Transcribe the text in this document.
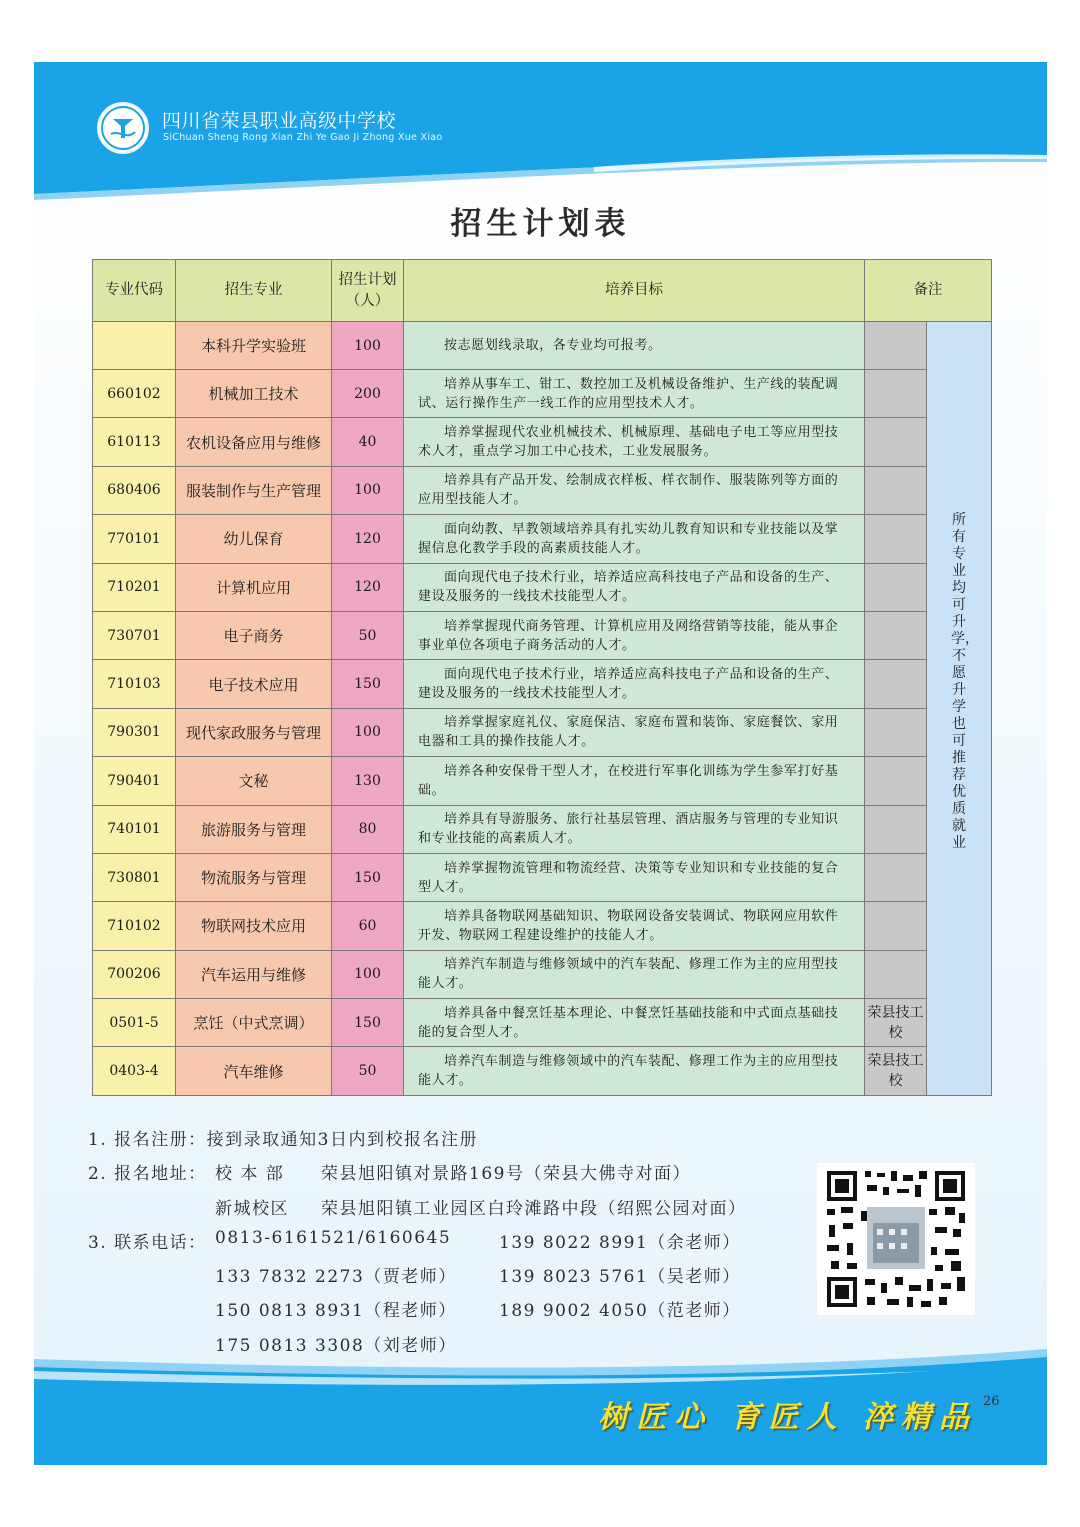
四川省荣县职业高级中学校
SiChuan Sheng Rong Xian Zhi Ye Gao Ji Zhong Xue Xiao
招生计划表
专业代码	招生专业	招生计划（人）	培养目标	备注	
	本科升学实验班	100	按志愿划线录取，各专业均可报考。		所有专业均可升学，不愿升学也可推荐优质就业
660102	机械加工技术	200	培养从事车工、钳工、数控加工及机械设备维护、生产线的装配调试、运行操作生产一线工作的应用型技术人才。		
610113	农机设备应用与维修	40	培养掌握现代农业机械技术、机械原理、基础电子电工等应用型技术人才，重点学习加工中心技术，工业发展服务。		
680406	服装制作与生产管理	100	培养具有产品开发、绘制成衣样板、样衣制作、服装陈列等方面的应用型技能人才。		
770101	幼儿保育	120	面向幼教、早教领域培养具有扎实幼儿教育知识和专业技能以及掌握信息化教学手段的高素质技能人才。		
710201	计算机应用	120	面向现代电子技术行业，培养适应高科技电子产品和设备的生产、建设及服务的一线技术技能型人才。		
730701	电子商务	50	培养掌握现代商务管理、计算机应用及网络营销等技能，能从事企事业单位各项电子商务活动的人才。		
710103	电子技术应用	150	面向现代电子技术行业，培养适应高科技电子产品和设备的生产、建设及服务的一线技术技能型人才。		
790301	现代家政服务与管理	100	培养掌握家庭礼仪、家庭保洁、家庭布置和装饰、家庭餐饮、家用电器和工具的操作技能人才。		
790401	文秘	130	培养各种安保骨干型人才，在校进行军事化训练为学生参军打好基础。		
740101	旅游服务与管理	80	培养具有导游服务、旅行社基层管理、酒店服务与管理的专业知识和专业技能的高素质人才。		
730801	物流服务与管理	150	培养掌握物流管理和物流经营、决策等专业知识和专业技能的复合型人才。		
710102	物联网技术应用	60	培养具备物联网基础知识、物联网设备安装调试、物联网应用软件开发、物联网工程建设维护的技能人才。		
700206	汽车运用与维修	100	培养汽车制造与维修领域中的汽车装配、修理工作为主的应用型技能人才。		
0501-5	烹饪（中式烹调）	150	培养具备中餐烹饪基本理论、中餐烹饪基础技能和中式面点基础技能的复合型人才。	荣县技工校	
0403-4	汽车维修	50	培养汽车制造与维修领域中的汽车装配、修理工作为主的应用型技能人才。	荣县技工校	
1. 报名注册：接到录取通知3日内到校报名注册
2. 报名地址： 校 本 部 荣县旭阳镇对景路169号（荣县大佛寺对面）
新城校区 荣县旭阳镇工业园区白玲滩路中段（绍熙公园对面）
3. 联系电话： 0813-6161521/6160645	139 8022 8991（余老师）
133 7832 2273（贾老师） 139 8023 5761（吴老师）
150 0813 8931（程老师） 189 9002 4050（范老师）
175 0813 3308（刘老师）
树匠心 育匠人 淬精品 26
